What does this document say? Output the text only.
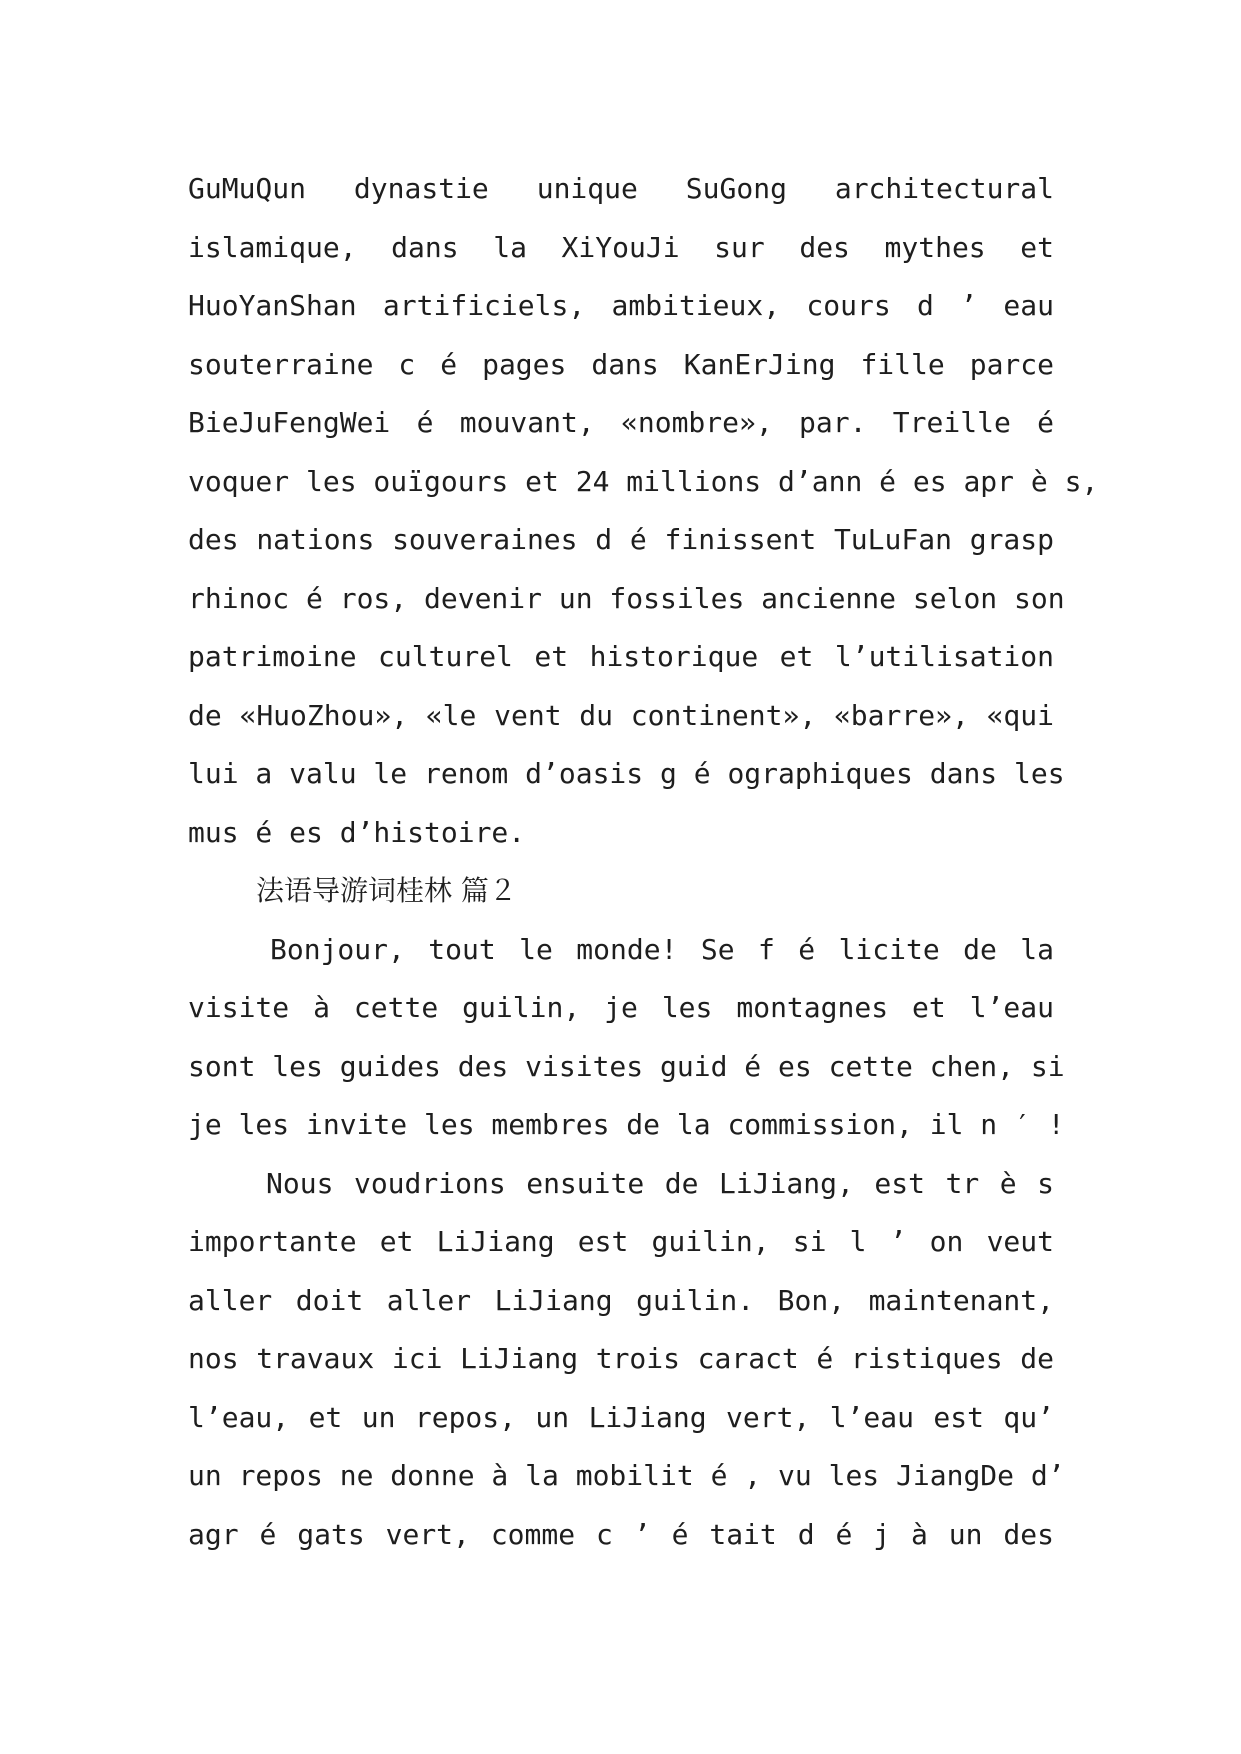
GuMuQun dynastie unique SuGong architectural
islamique, dans la XiYouJi sur des mythes et
HuoYanShan artificiels, ambitieux, cours d ’ eau
souterraine c é pages dans KanErJing fille parce
BieJuFengWei é mouvant, «nombre», par. Treille é
voquer les ouïgours et 24 millions d’ann é es apr è s,
des nations souveraines d é finissent TuLuFan grasp
rhinoc é ros, devenir un fossiles ancienne selon son
patrimoine culturel et historique et l’utilisation
de «HuoZhou», «le vent du continent», «barre», «qui
lui a valu le renom d’oasis g é ographiques dans les
mus é es d’histoire.
法语导游词桂林 篇２
Bonjour, tout le monde! Se f é licite de la
visite à cette guilin, je les montagnes et l’eau
sont les guides des visites guid é es cette chen, si
je les invite les membres de la commission, il n ′ !
Nous voudrions ensuite de LiJiang, est tr è s
importante et LiJiang est guilin, si l ’ on veut
aller doit aller LiJiang guilin. Bon, maintenant,
nos travaux ici LiJiang trois caract é ristiques de
l’eau, et un repos, un LiJiang vert, l’eau est qu’
un repos ne donne à la mobilit é , vu les JiangDe d’
agr é gats vert, comme c ’ é tait d é j à un des
